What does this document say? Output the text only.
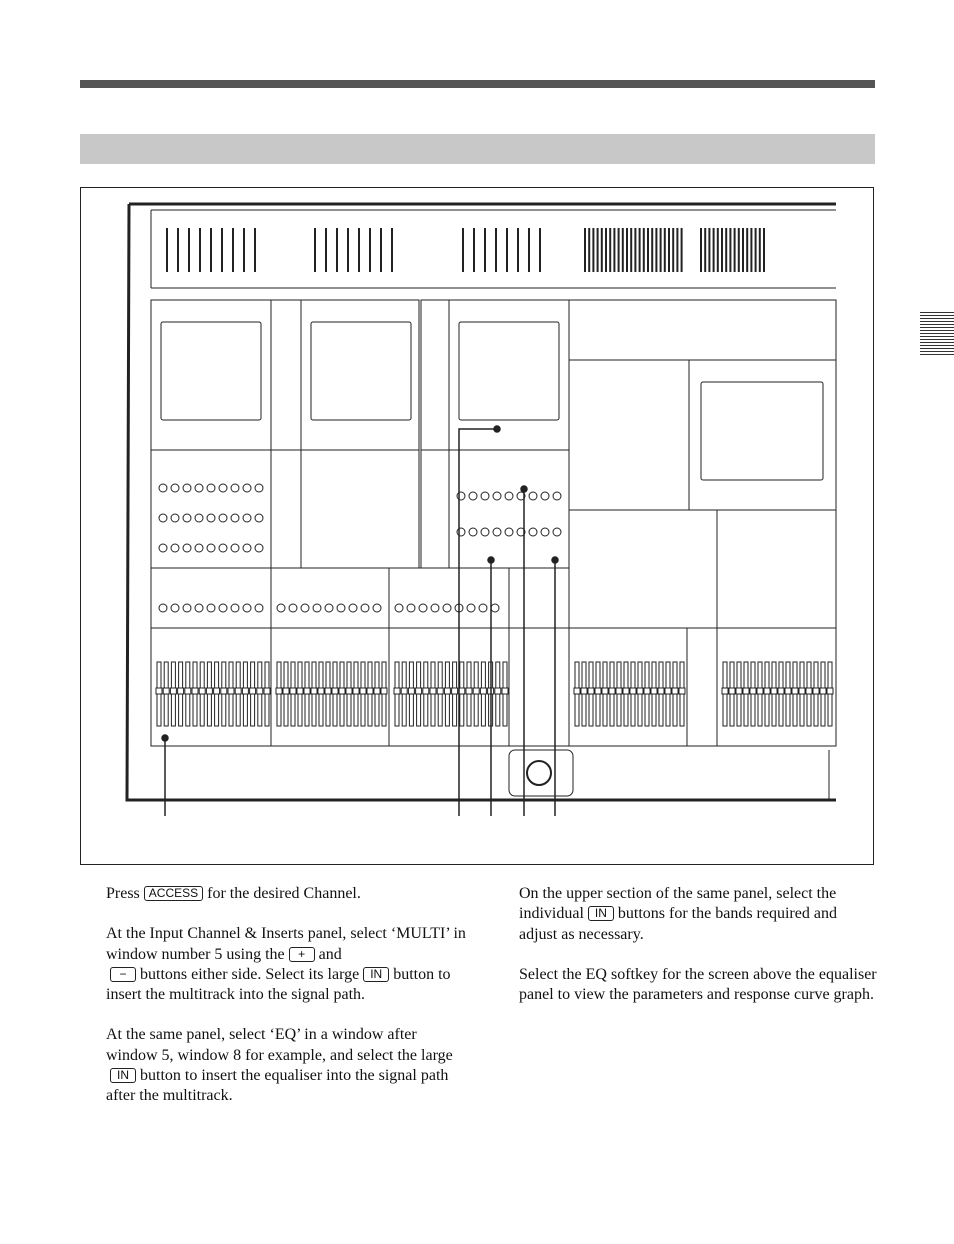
Press ACCESS for the desired Channel.

At the Input Channel & Inserts panel, select ‘MULTI’ in window number 5 using the + and
− buttons either side. Select its large IN button to insert the multitrack into the signal path.

At the same panel, select ‘EQ’ in a window after window 5, window 8 for example, and select the largeIN button to insert the equaliser into the signal path after the multitrack.

On the upper section of the same panel, select the individual IN buttons for the bands required and adjust as necessary.

Select the EQ softkey for the screen above the equaliser panel to view the parameters and response curve graph.
